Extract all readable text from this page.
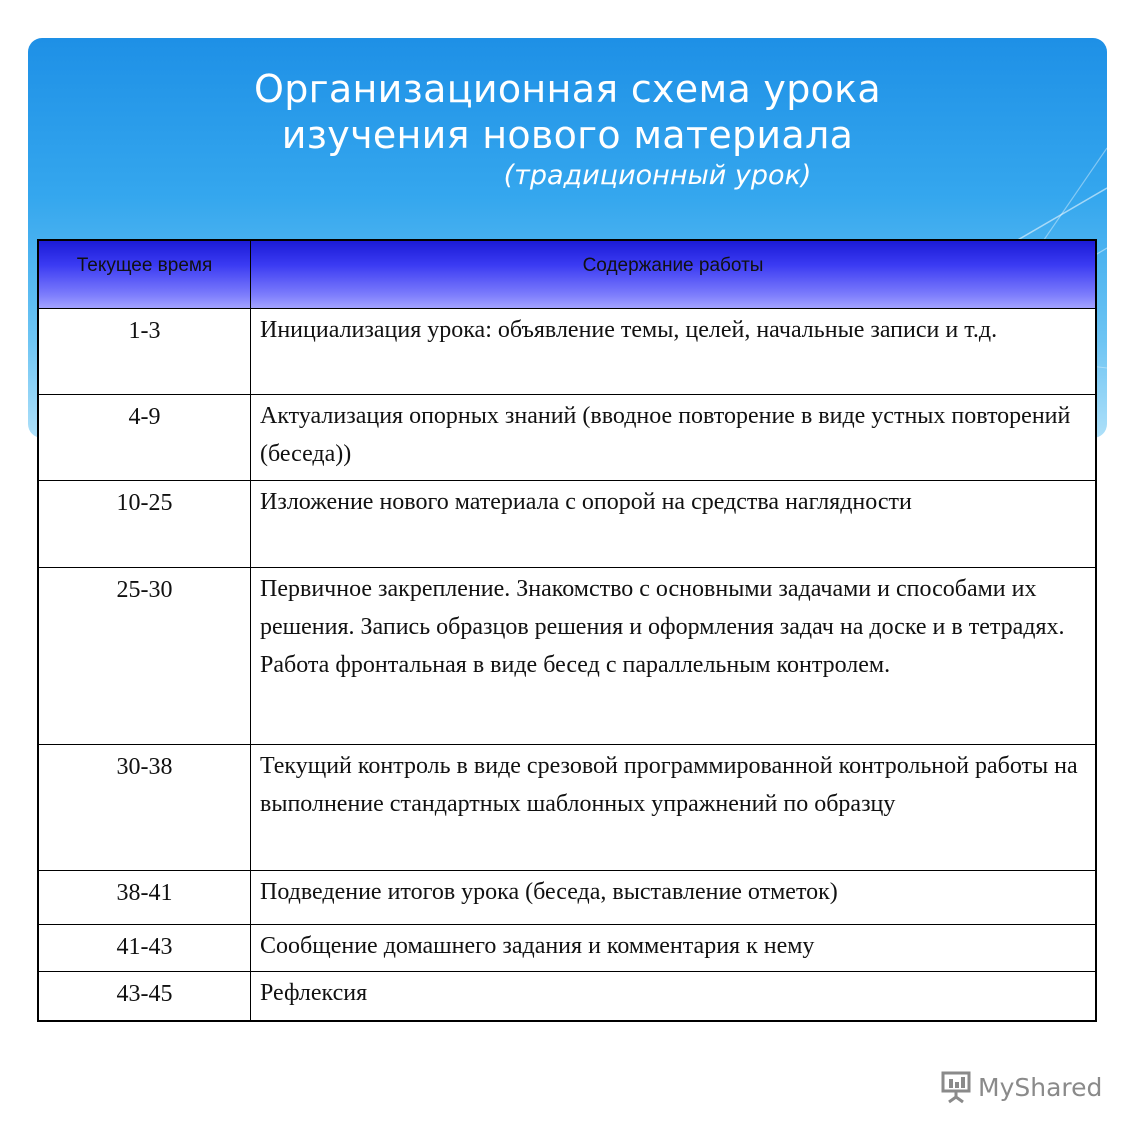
Организационная схема урока
изучения нового материала
(традиционный урок)
Текущее время	Содержание работы
1-3	Инициализация урока: объявление темы, целей, начальные записи и т.д.
4-9	Актуализация опорных знаний (вводное повторение в виде устных повторений (беседа))
10-25	Изложение нового материала с опорой на средства наглядности
25-30	Первичное закрепление. Знакомство с основными задачами и способами их решения. Запись образцов решения и оформления задач на доске и в тетрадях. Работа фронтальная в виде бесед с параллельным контролем.
30-38	Текущий контроль в виде срезовой программированной контрольной работы на выполнение стандартных шаблонных упражнений по образцу
38-41	Подведение итогов урока (беседа, выставление отметок)
41-43	Сообщение домашнего задания и комментария к нему
43-45	Рефлексия
MyShared
